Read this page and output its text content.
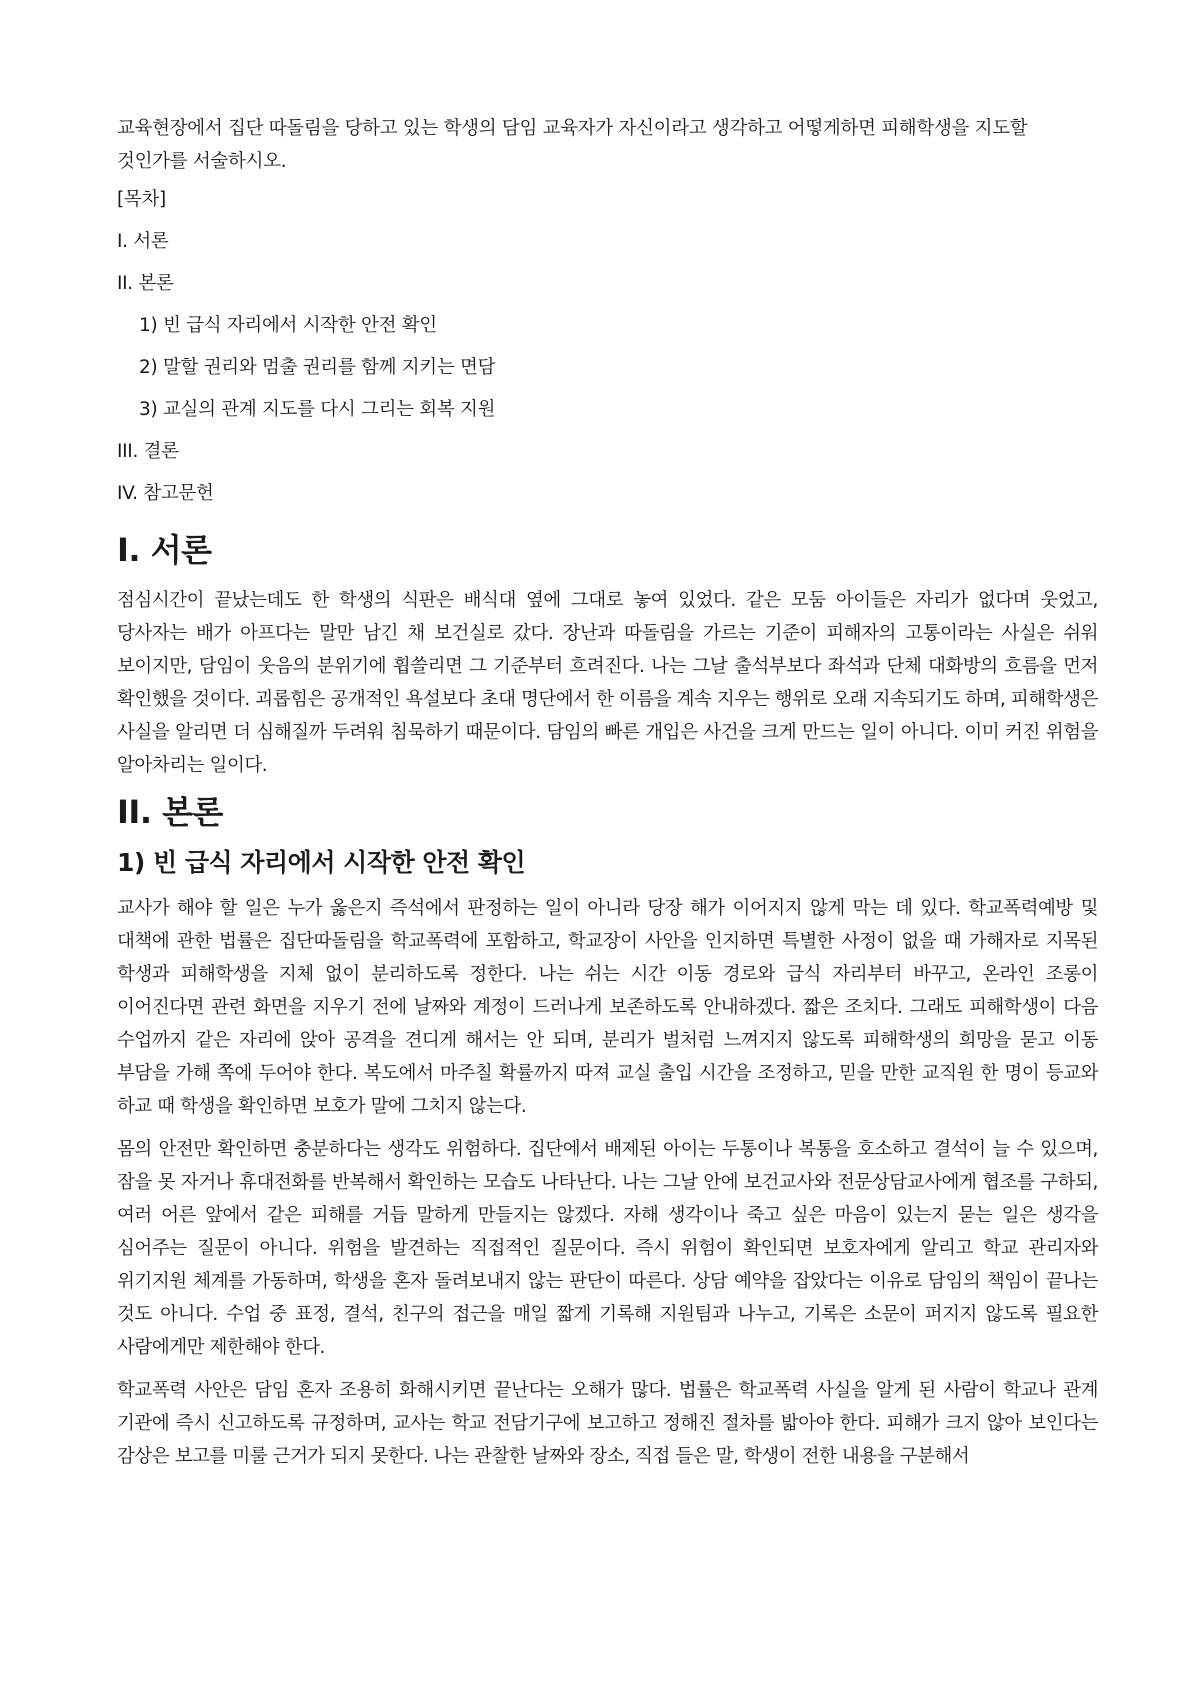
교육현장에서 집단 따돌림을 당하고 있는 학생의 담임 교육자가 자신이라고 생각하고 어떻게하면 피해학생을 지도할 것인가를 서술하시오.

[목차]
I. 서론
II. 본론
1) 빈 급식 자리에서 시작한 안전 확인
2) 말할 권리와 멈출 권리를 함께 지키는 면담
3) 교실의 관계 지도를 다시 그리는 회복 지원
III. 결론
IV. 참고문헌
I. 서론

점심시간이 끝났는데도 한 학생의 식판은 배식대 옆에 그대로 놓여 있었다. 같은 모둠 아이들은 자리가 없다며 웃었고, 당사자는 배가 아프다는 말만 남긴 채 보건실로 갔다. 장난과 따돌림을 가르는 기준이 피해자의 고통이라는 사실은 쉬워 보이지만, 담임이 웃음의 분위기에 휩쓸리면 그 기준부터 흐려진다. 나는 그날 출석부보다 좌석과 단체 대화방의 흐름을 먼저 확인했을 것이다. 괴롭힘은 공개적인 욕설보다 초대 명단에서 한 이름을 계속 지우는 행위로 오래 지속되기도 하며, 피해학생은 사실을 알리면 더 심해질까 두려워 침묵하기 때문이다. 담임의 빠른 개입은 사건을 크게 만드는 일이 아니다. 이미 커진 위험을 알아차리는 일이다.

II. 본론
1) 빈 급식 자리에서 시작한 안전 확인

교사가 해야 할 일은 누가 옳은지 즉석에서 판정하는 일이 아니라 당장 해가 이어지지 않게 막는 데 있다. 학교폭력예방 및 대책에 관한 법률은 집단따돌림을 학교폭력에 포함하고, 학교장이 사안을 인지하면 특별한 사정이 없을 때 가해자로 지목된 학생과 피해학생을 지체 없이 분리하도록 정한다. 나는 쉬는 시간 이동 경로와 급식 자리부터 바꾸고, 온라인 조롱이 이어진다면 관련 화면을 지우기 전에 날짜와 계정이 드러나게 보존하도록 안내하겠다. 짧은 조치다. 그래도 피해학생이 다음 수업까지 같은 자리에 앉아 공격을 견디게 해서는 안 되며, 분리가 벌처럼 느껴지지 않도록 피해학생의 희망을 묻고 이동 부담을 가해 쪽에 두어야 한다. 복도에서 마주칠 확률까지 따져 교실 출입 시간을 조정하고, 믿을 만한 교직원 한 명이 등교와 하교 때 학생을 확인하면 보호가 말에 그치지 않는다.

몸의 안전만 확인하면 충분하다는 생각도 위험하다. 집단에서 배제된 아이는 두통이나 복통을 호소하고 결석이 늘 수 있으며, 잠을 못 자거나 휴대전화를 반복해서 확인하는 모습도 나타난다. 나는 그날 안에 보건교사와 전문상담교사에게 협조를 구하되, 여러 어른 앞에서 같은 피해를 거듭 말하게 만들지는 않겠다. 자해 생각이나 죽고 싶은 마음이 있는지 묻는 일은 생각을 심어주는 질문이 아니다. 위험을 발견하는 직접적인 질문이다. 즉시 위험이 확인되면 보호자에게 알리고 학교 관리자와 위기지원 체계를 가동하며, 학생을 혼자 돌려보내지 않는 판단이 따른다. 상담 예약을 잡았다는 이유로 담임의 책임이 끝나는 것도 아니다. 수업 중 표정, 결석, 친구의 접근을 매일 짧게 기록해 지원팀과 나누고, 기록은 소문이 퍼지지 않도록 필요한 사람에게만 제한해야 한다.

학교폭력 사안은 담임 혼자 조용히 화해시키면 끝난다는 오해가 많다. 법률은 학교폭력 사실을 알게 된 사람이 학교나 관계 기관에 즉시 신고하도록 규정하며, 교사는 학교 전담기구에 보고하고 정해진 절차를 밟아야 한다. 피해가 크지 않아 보인다는 감상은 보고를 미룰 근거가 되지 못한다. 나는 관찰한 날짜와 장소, 직접 들은 말, 학생이 전한 내용을 구분해서
